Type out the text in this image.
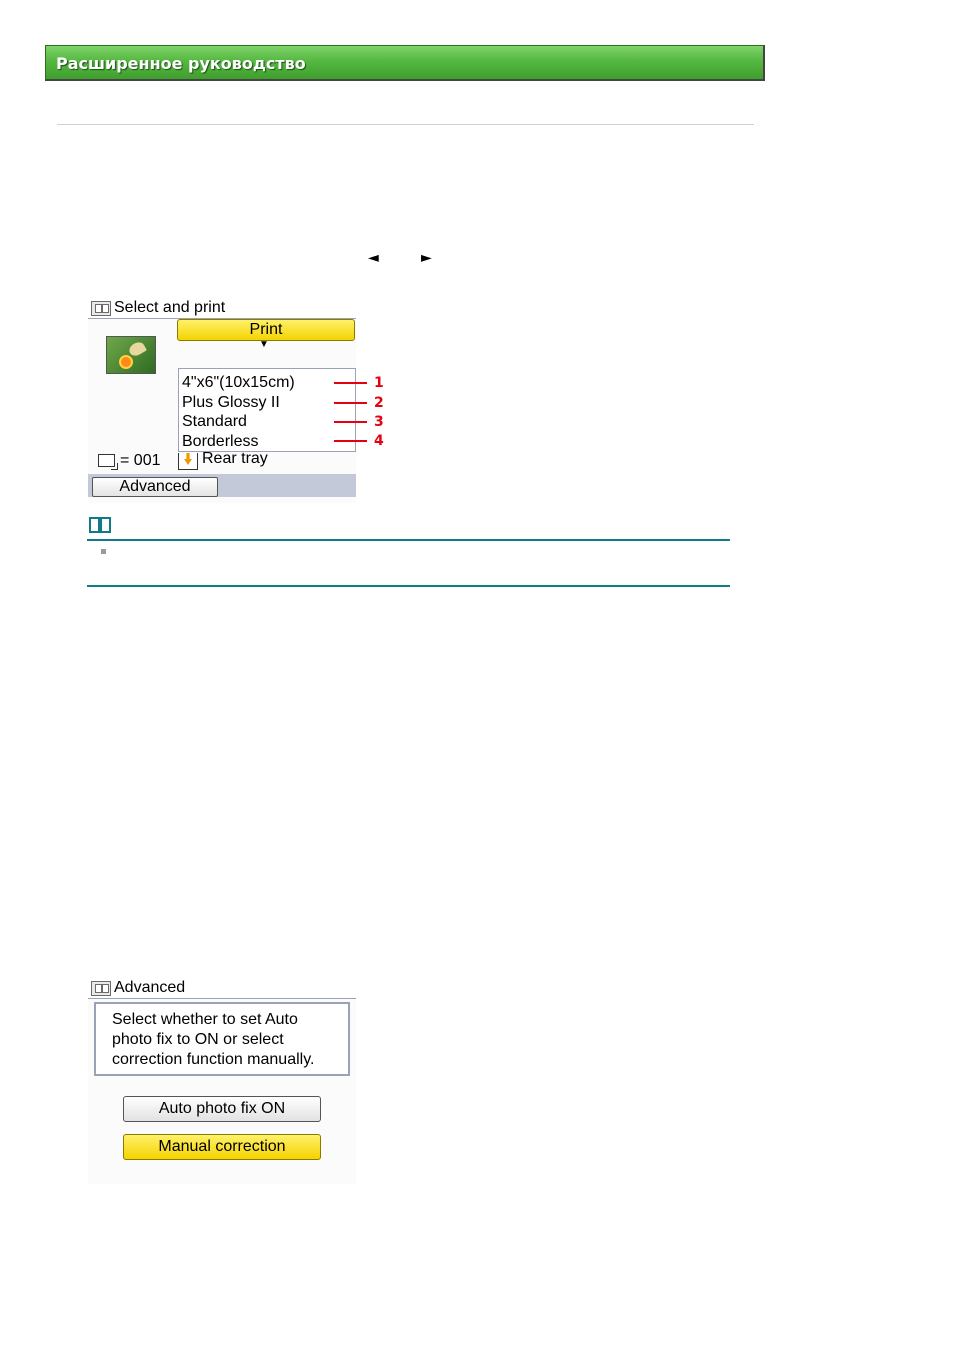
Расширенное руководство
◄	►
Select and print
Print
▼
4"x6"(10x15cm)
Plus Glossy II
Standard
Borderless
1
2
3
4
= 001	Rear tray
Advanced
Advanced
Select whether to set Auto
photo fix to ON or select
correction function manually.
Auto photo fix ON
Manual correction
